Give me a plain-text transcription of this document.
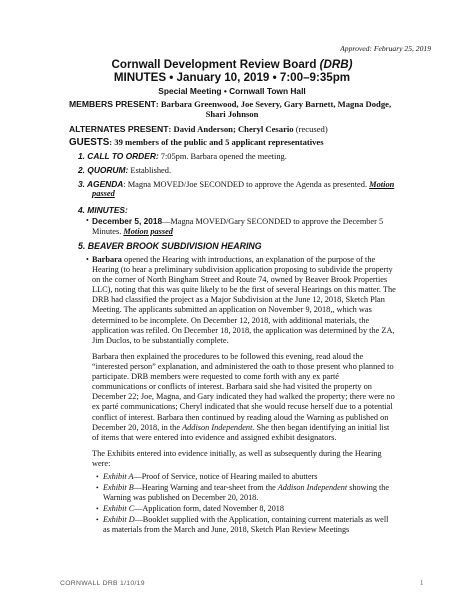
Approved: February 25, 2019
Cornwall Development Review Board (DRB)
MINUTES • January 10, 2019 • 7:00–9:35pm
Special Meeting • Cornwall Town Hall
MEMBERS PRESENT: Barbara Greenwood, Joe Severy, Gary Barnett, Magna Dodge,
Shari Johnson
ALTERNATES PRESENT: David Anderson; Cheryl Cesario (recused)
GUESTS: 39 members of the public and 5 applicant representatives
1. CALL TO ORDER: 7:05pm. Barbara opened the meeting.
2. QUORUM: Established.
3. AGENDA: Magna MOVED/Joe SECONDED to approve the Agenda as presented. Motion
passed
4. MINUTES:
• December 5, 2018—Magna MOVED/Gary SECONDED to approve the December 5
Minutes. Motion passed
5. BEAVER BROOK SUBDIVISION HEARING
• Barbara opened the Hearing with introductions, an explanation of the purpose of the
Hearing (to hear a preliminary subdivision application proposing to subdivide the property
on the corner of North Bingham Street and Route 74, owned by Beaver Brook Properties
LLC), noting that this was quite likely to be the first of several Hearings on this matter. The
DRB had classified the project as a Major Subdivision at the June 12, 2018, Sketch Plan
Meeting. The applicants submitted an application on November 9, 2018,, which was
determined to be incomplete. On December 12, 2018, with additional materials, the
application was refiled. On December 18, 2018, the application was determined by the ZA,
Jim Duclos, to be substantially complete.
Barbara then explained the procedures to be followed this evening, read aloud the
“interested person” explanation, and administered the oath to those present who planned to
participate. DRB members were requested to come forth with any ex parté
communications or conflicts of interest. Barbara said she had visited the property on
December 22; Joe, Magna, and Gary indicated they had walked the property; there were no
ex parté communications; Cheryl indicated that she would recuse herself due to a potential
conflict of interest. Barbara then continued by reading aloud the Warning as published on
December 20, 2018, in the Addison Independent. She then began identifying an initial list
of items that were entered into evidence and assigned exhibit designators.
The Exhibits entered into evidence initially, as well as subsequently during the Hearing
were:
• Exhibit A—Proof of Service, notice of Hearing mailed to abutters
• Exhibit B—Hearing Warning and tear-sheet from the Addison Independent showing the
Warning was published on December 20, 2018.
• Exhibit C—Application form, dated November 8, 2018
• Exhibit D—Booklet supplied with the Application, containing current materials as well
as materials from the March and June, 2018, Sketch Plan Review Meetings
CORNWALL DRB 1/10/19	1
